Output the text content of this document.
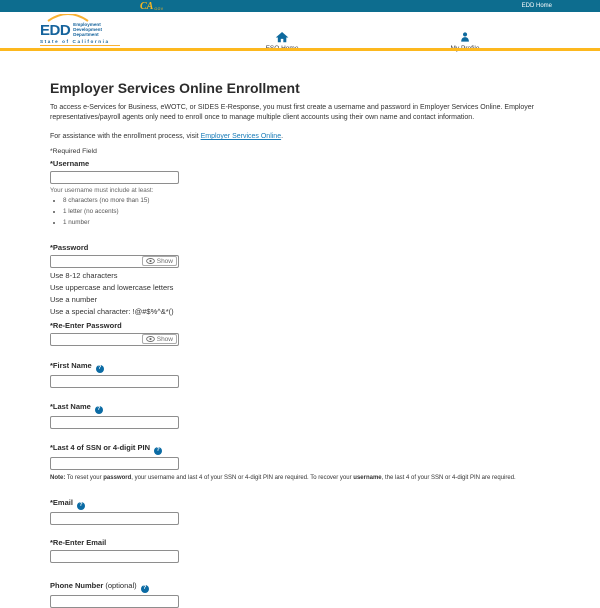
CA GOV	EDD Home
EDD Employment
Development
Department
State of California
Employer Services Online Enrollment

To access e-Services for Business, eWOTC, or SIDES E-Response, you must first create a username and password in Employer Services Online. Employer representatives/payroll agents only need to enroll once to manage multiple client accounts using their own name and contact information.

For assistance with the enrollment process, visit Employer Services Online.

*Required Field

*Username
Your username must include at least:
• 8 characters (no more than 15)
• 1 letter (no accents)
• 1 number
*Password
Show
Use 8-12 characters
Use uppercase and lowercase letters
Use a number
Use a special character: !@#$%^&*()
*Re-Enter Password
Show
*First Name ?
*Last Name ?
*Last 4 of SSN or 4-digit PIN ?

Note: To reset your password, your username and last 4 of your SSN or 4-digit PIN are required. To recover your username, the last 4 of your SSN or 4-digit PIN are required.

*Email ?
*Re-Enter Email
Phone Number (optional) ?
